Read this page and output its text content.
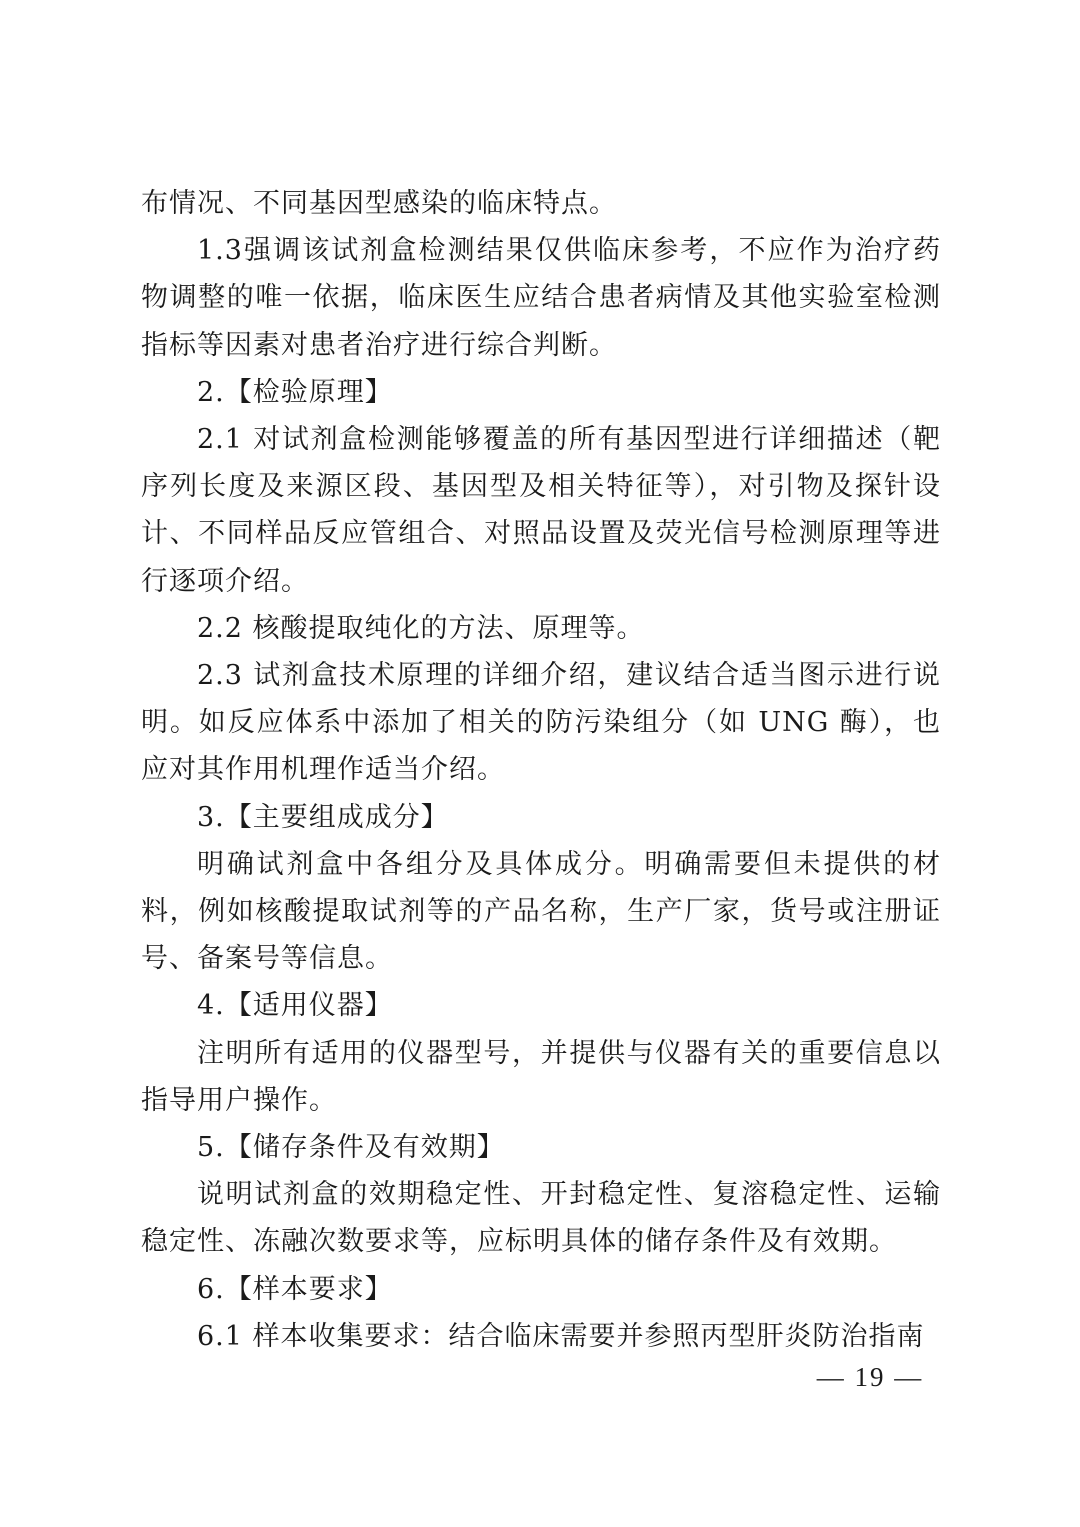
布情况、不同基因型感染的临床特点。

1.3强调该试剂盒检测结果仅供临床参考，不应作为治疗药物调整的唯一依据，临床医生应结合患者病情及其他实验室检测指标等因素对患者治疗进行综合判断。

2.【检验原理】

2.1 对试剂盒检测能够覆盖的所有基因型进行详细描述（靶序列长度及来源区段、基因型及相关特征等），对引物及探针设计、不同样品反应管组合、对照品设置及荧光信号检测原理等进行逐项介绍。

2.2 核酸提取纯化的方法、原理等。

2.3 试剂盒技术原理的详细介绍，建议结合适当图示进行说明。如反应体系中添加了相关的防污染组分（如 UNG 酶），也应对其作用机理作适当介绍。

3.【主要组成成分】

明确试剂盒中各组分及具体成分。明确需要但未提供的材料，例如核酸提取试剂等的产品名称，生产厂家，货号或注册证号、备案号等信息。

4.【适用仪器】

注明所有适用的仪器型号，并提供与仪器有关的重要信息以指导用户操作。

5.【储存条件及有效期】

说明试剂盒的效期稳定性、开封稳定性、复溶稳定性、运输稳定性、冻融次数要求等，应标明具体的储存条件及有效期。

6.【样本要求】

6.1 样本收集要求：结合临床需要并参照丙型肝炎防治指南

— 19 —
